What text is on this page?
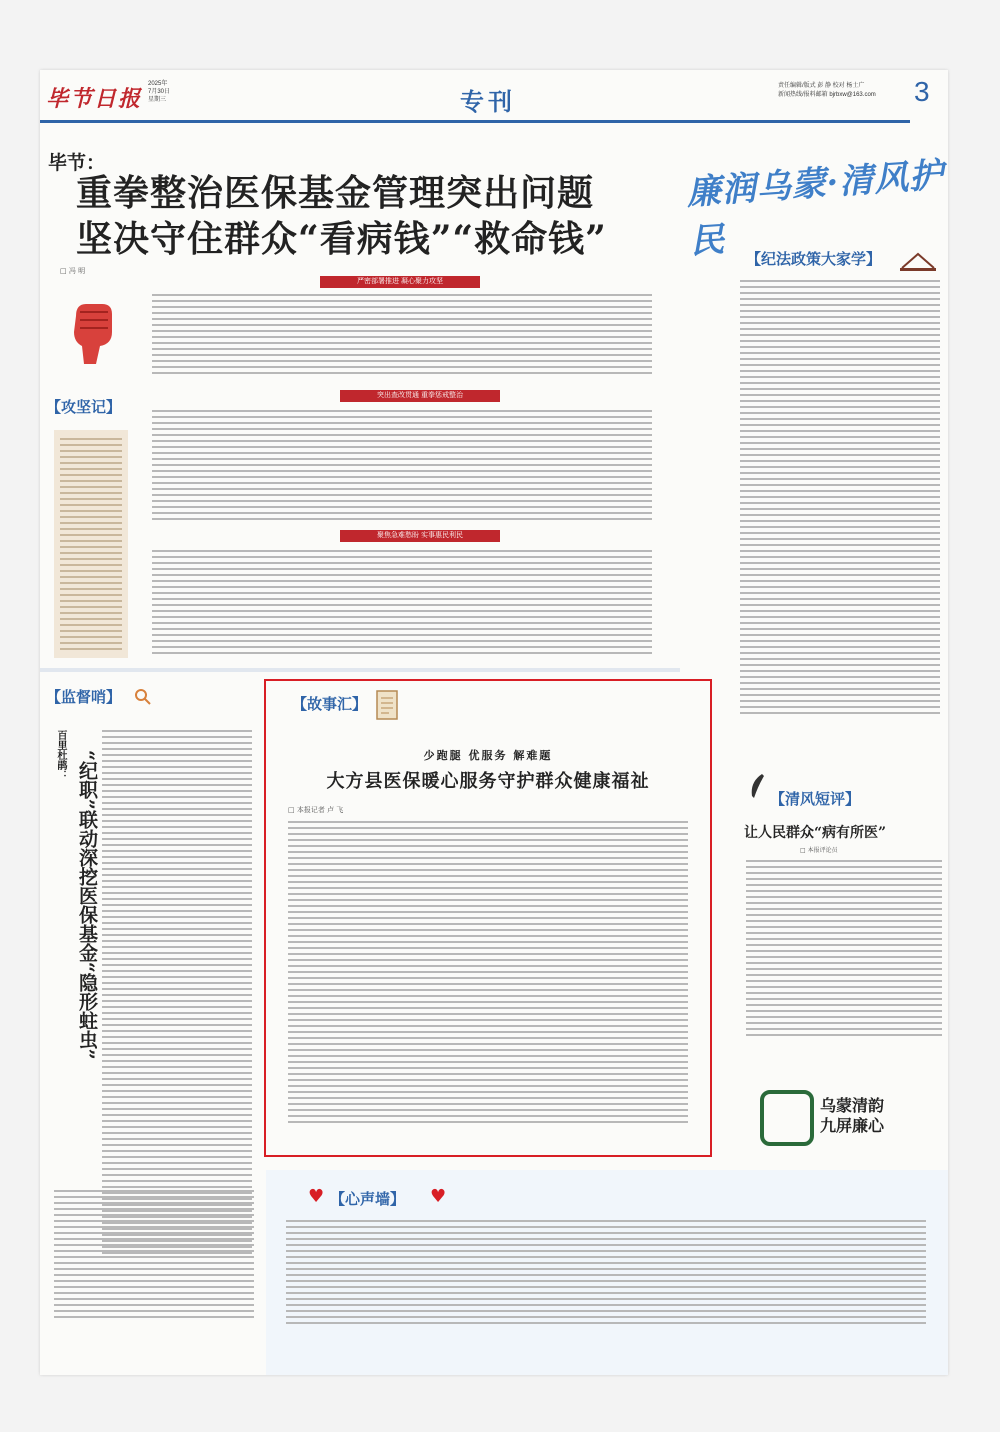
毕节日报
2025年
7月30日
星期三	专刊
责任编辑/版式 彭 静 校对 杨士广
新闻热线/报料邮箱 bjrbxw@163.com 3
毕节：
重拳整治医保基金管理突出问题
坚决守住群众“看病钱”“救命钱”
□ 冯 明
廉润乌蒙·清风护民	【纪法政策大家学】
【攻坚记】
严密部署推进 凝心聚力攻坚
突出查改贯通 重拳惩戒整治
聚焦急难愁盼 实事惠民利民
【监督哨】
百里杜鹃： “纪职”联动深挖医保基金“隐形蛀虫”
【故事汇】
少跑腿 优服务 解难题
大方县医保暖心服务守护群众健康福祉
□ 本报记者 卢 飞
【清风短评】
让人民群众“病有所医”
□ 本报评论员
乌蒙清韵
九屏廉心
♥ 【心声墙】 ♥
